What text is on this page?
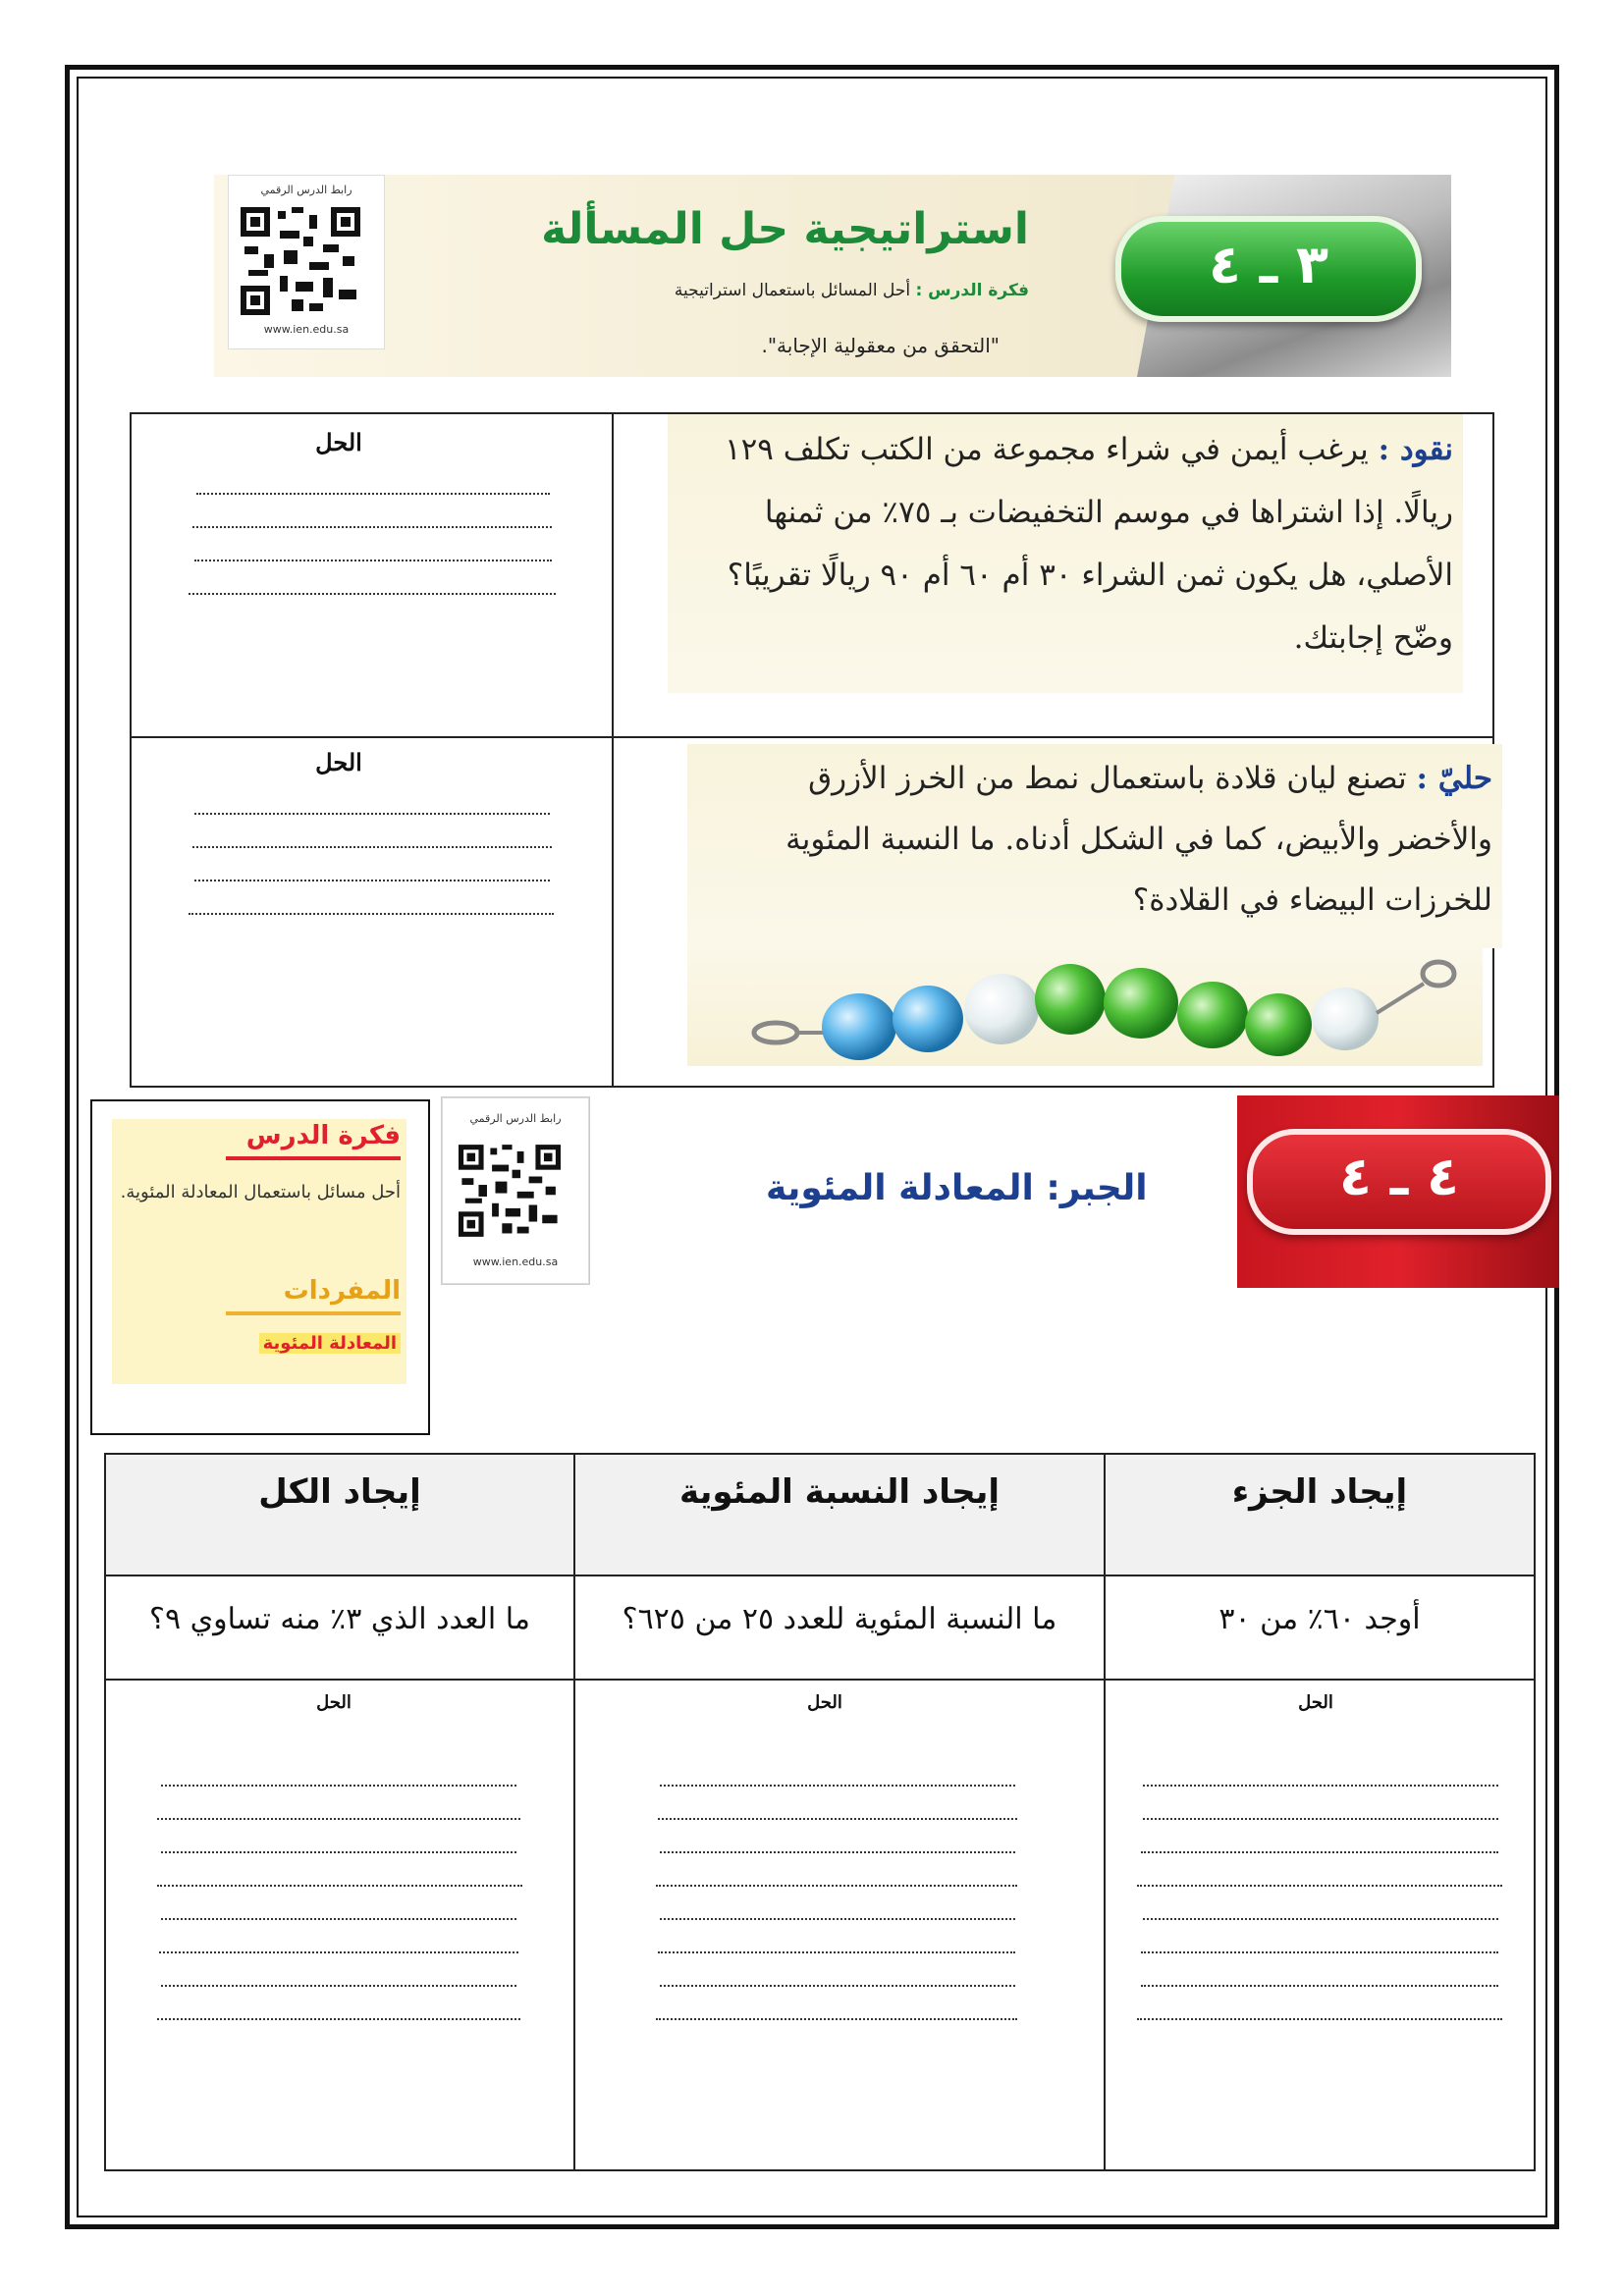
٣ ـ ٤
استراتيجية حل المسألة
فكرة الدرس : أحل المسائل باستعمال استراتيجية
"التحقق من معقولية الإجابة".
رابط الدرس الرقمي
www.ien.edu.sa
نقود : يرغب أيمن في شراء مجموعة من الكتب تكلف ١٢٩ ريالًا. إذا اشتراها في موسم التخفيضات بـ ٧٥٪ من ثمنها الأصلي، هل يكون ثمن الشراء ٣٠ أم ٦٠ أم ٩٠ ريالًا تقريبًا؟ وضّح إجابتك.
الحل
حليّ : تصنع ليان قلادة باستعمال نمط من الخرز الأزرق والأخضر والأبيض، كما في الشكل أدناه. ما النسبة المئوية للخرزات البيضاء في القلادة؟
الحل
فكرة الدرس
أحل مسائل باستعمال المعادلة المئوية.
المفردات
المعادلة المئوية
رابط الدرس الرقمي
www.ien.edu.sa
٤ ـ ٤
الجبر: المعادلة المئوية
إيجاد الجزء
إيجاد النسبة المئوية
إيجاد الكل
أوجد ٦٠٪ من ٣٠
ما النسبة المئوية للعدد ٢٥ من ٦٢٥؟
ما العدد الذي ٣٪ منه تساوي ٩؟
الحل
الحل
الحل
